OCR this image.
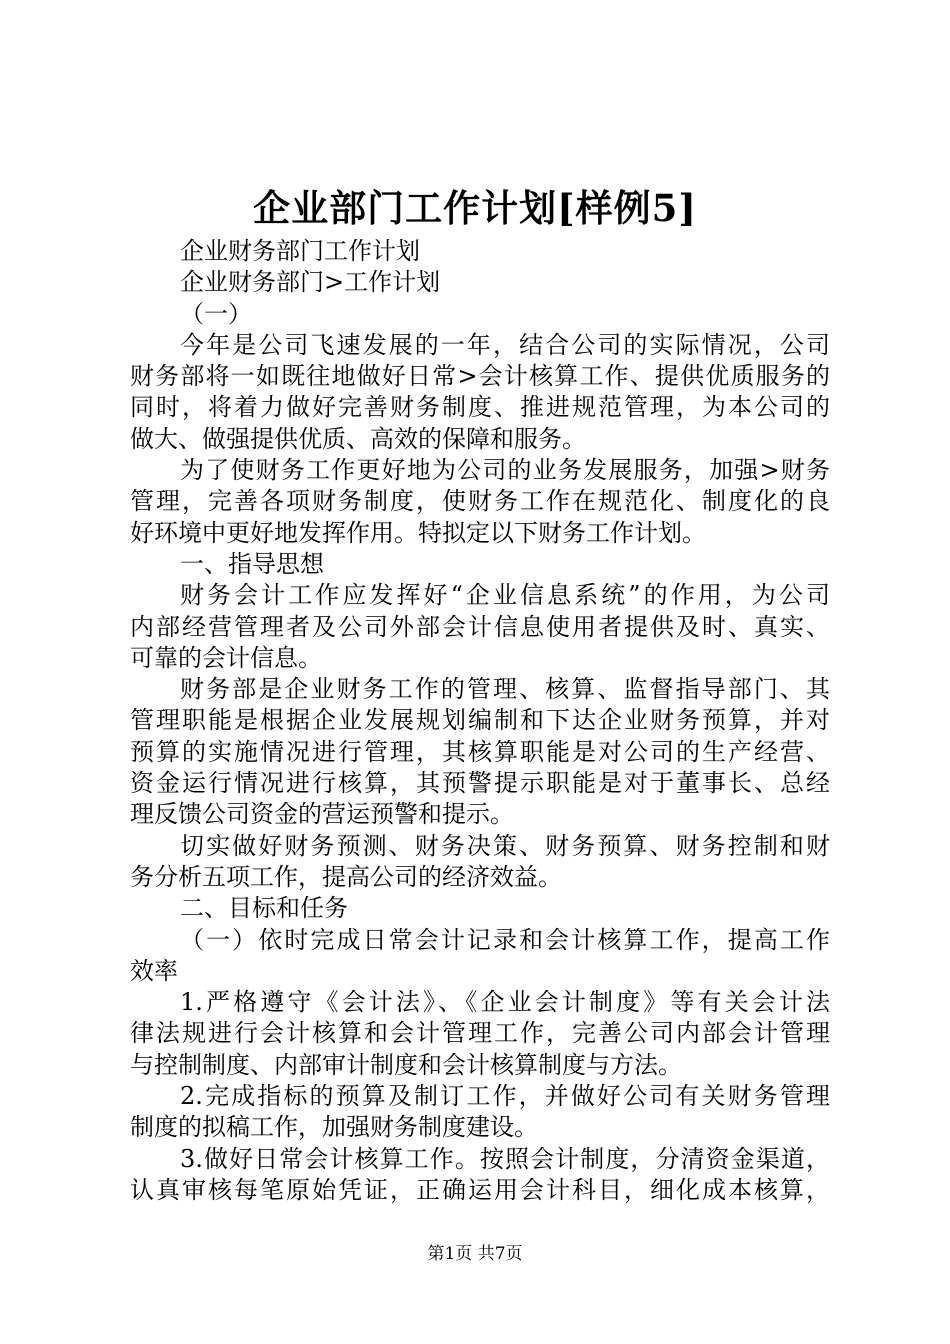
企业部门工作计划[样例5]
企业财务部门工作计划
企业财务部门>工作计划
（一）
今年是公司飞速发展的一年，结合公司的实际情况，公司
财务部将一如既往地做好日常>会计核算工作、提供优质服务的
同时，将着力做好完善财务制度、推进规范管理，为本公司的
做大、做强提供优质、高效的保障和服务。
为了使财务工作更好地为公司的业务发展服务，加强>财务
管理，完善各项财务制度，使财务工作在规范化、制度化的良
好环境中更好地发挥作用。特拟定以下财务工作计划。
一、指导思想
财务会计工作应发挥好“企业信息系统”的作用，为公司
内部经营管理者及公司外部会计信息使用者提供及时、真实、
可靠的会计信息。
财务部是企业财务工作的管理、核算、监督指导部门、其
管理职能是根据企业发展规划编制和下达企业财务预算，并对
预算的实施情况进行管理，其核算职能是对公司的生产经营、
资金运行情况进行核算，其预警提示职能是对于董事长、总经
理反馈公司资金的营运预警和提示。
切实做好财务预测、财务决策、财务预算、财务控制和财
务分析五项工作，提高公司的经济效益。
二、目标和任务
（一）依时完成日常会计记录和会计核算工作，提高工作
效率
1.严格遵守《会计法》、《企业会计制度》等有关会计法
律法规进行会计核算和会计管理工作，完善公司内部会计管理
与控制制度、内部审计制度和会计核算制度与方法。
2.完成指标的预算及制订工作，并做好公司有关财务管理
制度的拟稿工作，加强财务制度建设。
3.做好日常会计核算工作。按照会计制度，分清资金渠道，
认真审核每笔原始凭证，正确运用会计科目，细化成本核算，
第1页 共7页
